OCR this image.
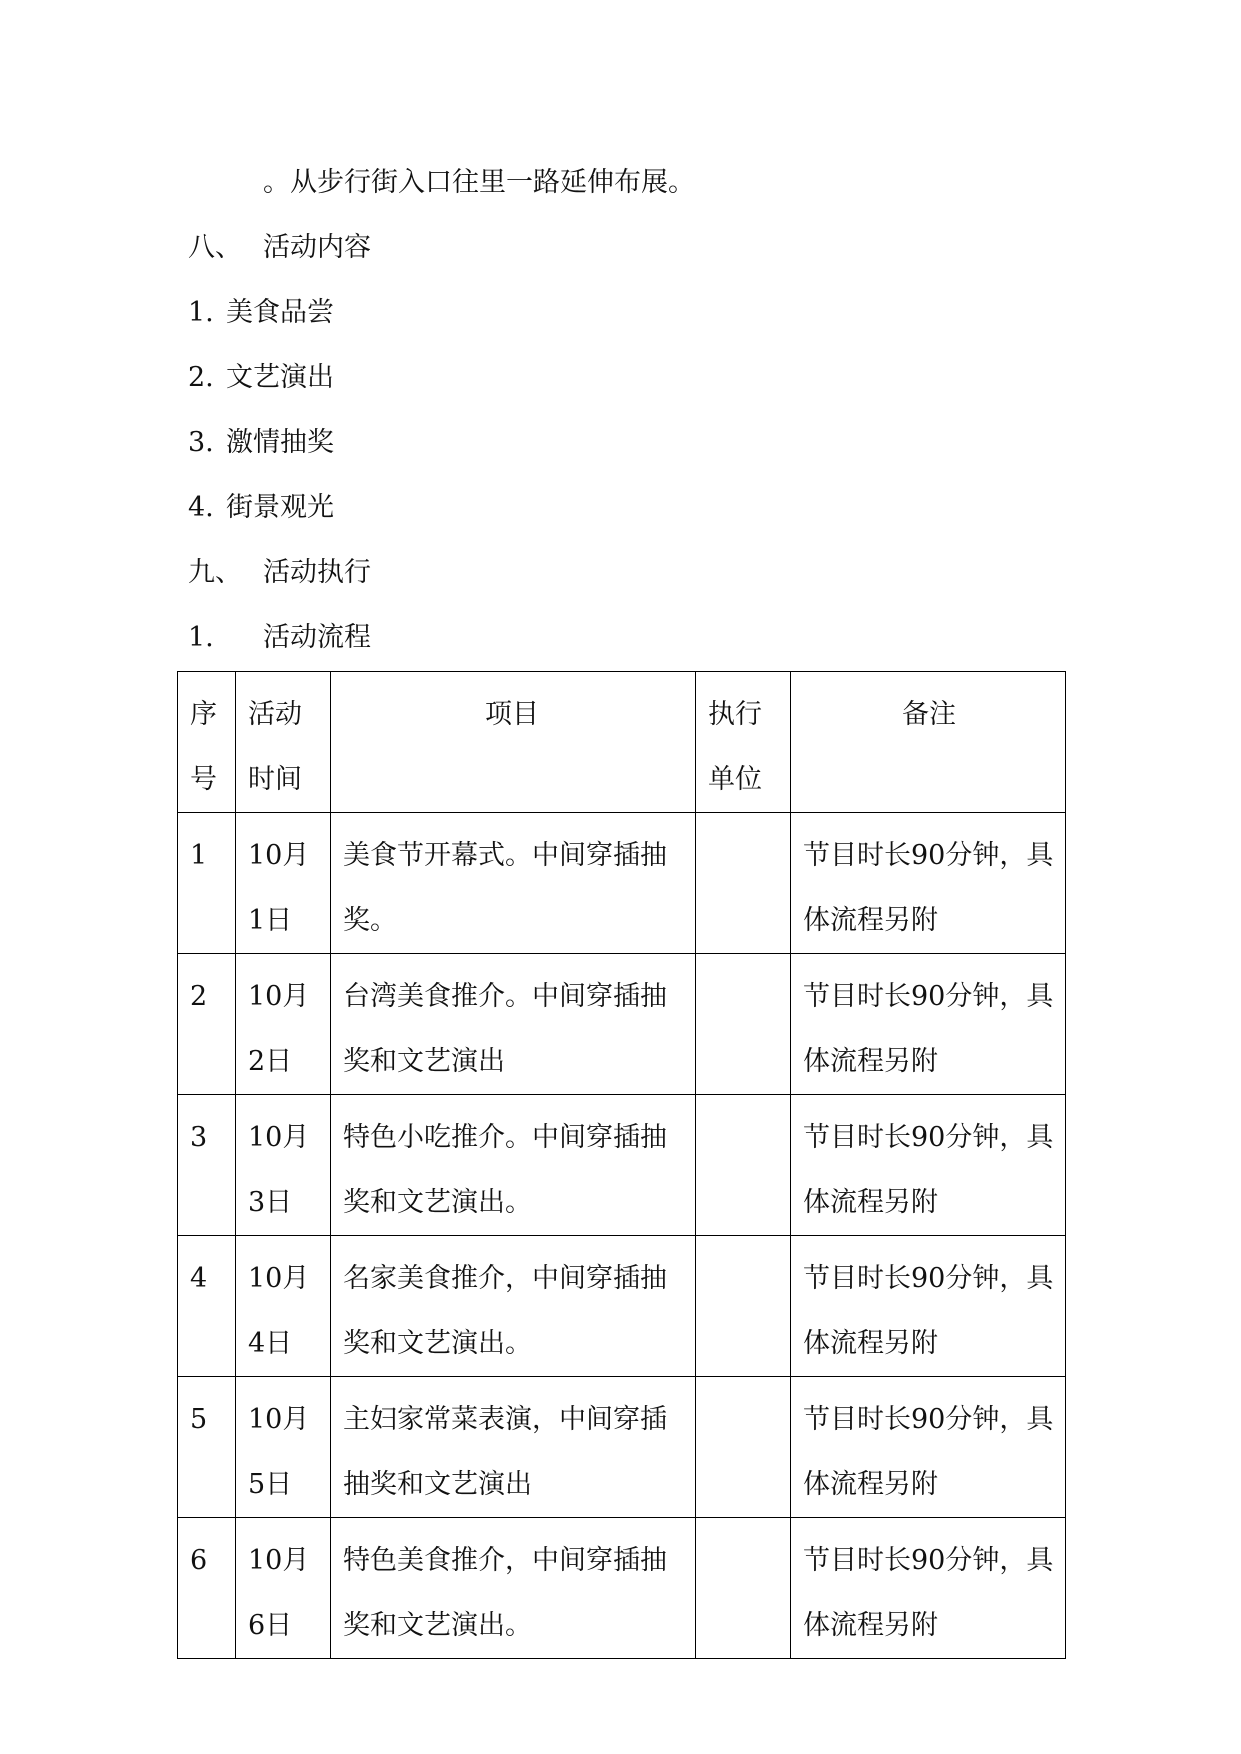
。从步行街入口往里一路延伸布展。
八、 活动内容
1. 美食品尝
2. 文艺演出
3. 激情抽奖
4. 街景观光
九、 活动执行
1. 活动流程
序号	活动时间	项目	执行单位	备注
1	10月1日	美食节开幕式。中间穿插抽奖。		节目时长90分钟，具体流程另附
2	10月2日	台湾美食推介。中间穿插抽奖和文艺演出		节目时长90分钟，具体流程另附
3	10月3日	特色小吃推介。中间穿插抽奖和文艺演出。		节目时长90分钟，具体流程另附
4	10月4日	名家美食推介，中间穿插抽奖和文艺演出。		节目时长90分钟，具体流程另附
5	10月5日	主妇家常菜表演，中间穿插抽奖和文艺演出		节目时长90分钟，具体流程另附
6	10月6日	特色美食推介，中间穿插抽奖和文艺演出。		节目时长90分钟，具体流程另附
